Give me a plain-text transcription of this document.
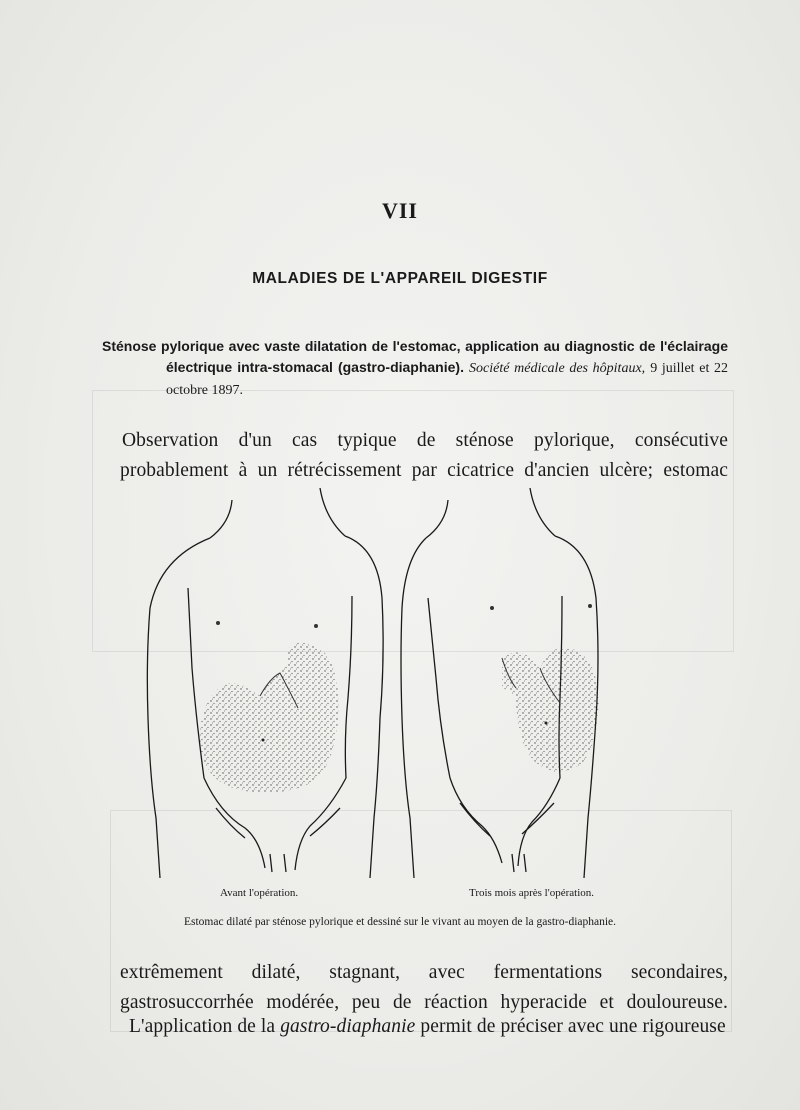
VII
MALADIES DE L'APPAREIL DIGESTIF
Sténose pylorique avec vaste dilatation de l'estomac, application au diagnostic de l'éclairage électrique intra-stomacal (gastro-diaphanie). Société médicale des hôpitaux, 9 juillet et 22 octobre 1897.
Observation d'un cas typique de sténose pylorique, consécutive probablement à un rétrécissement par cicatrice d'ancien ulcère; estomac
Avant l'opération.	Trois mois après l'opération.
Estomac dilaté par sténose pylorique et dessiné sur le vivant au moyen de la gastro-diaphanie.
extrêmement dilaté, stagnant, avec fermentations secondaires, gastrosuccorrhée modérée, peu de réaction hyperacide et douloureuse.
L'application de la gastro-diaphanie permit de préciser avec une rigoureuse
